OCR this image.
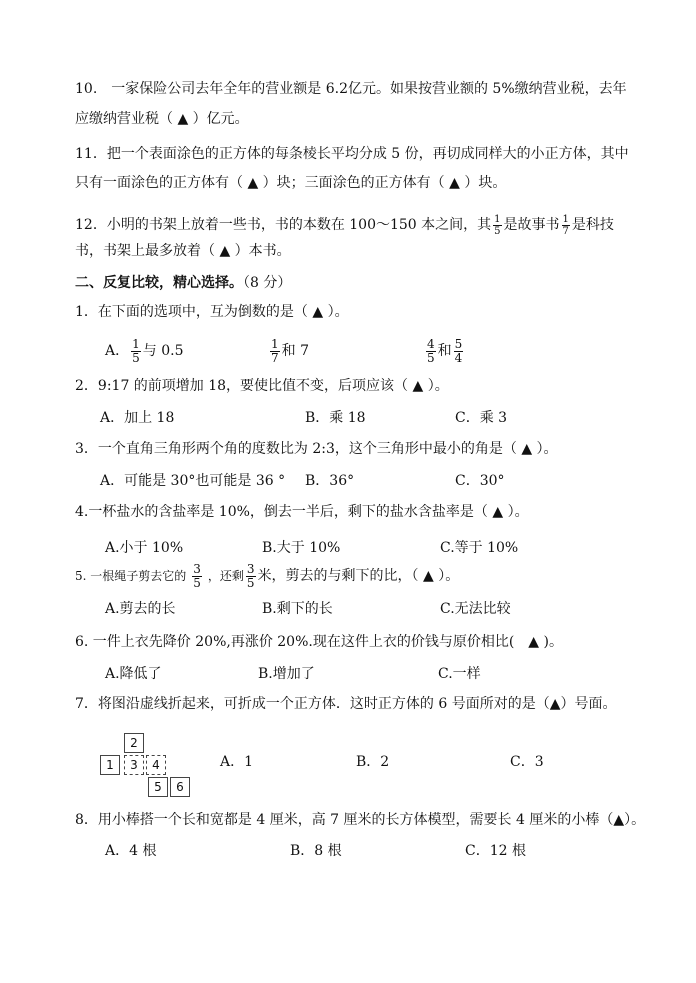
10.　一家保险公司去年全年的营业额是 6.2亿元。如果按营业额的 5%缴纳营业税，去年
应缴纳营业税（ ▲ ）亿元。
11．把一个表面涂色的正方体的每条棱长平均分成 5 份，再切成同样大的小正方体，其中
只有一面涂色的正方体有（ ▲ ）块；三面涂色的正方体有（ ▲ ）块。
12．小明的书架上放着一些书，书的本数在 100～150 本之间，其 $\frac{1}{5}$ 是故事书 $\frac{1}{7}$ 是科技
书，书架上最多放着（ ▲ ）本书。
二、反复比较，精心选择。（8 分）
1．在下面的选项中，互为倒数的是（ ▲ ）。
A． $\frac{1}{5}$ 与 0.5	$\frac{1}{7}$ 和 7	$\frac{4}{5}$ 和 $\frac{5}{4}$
2．9:17 的前项增加 18，要使比值不变，后项应该（ ▲ ）。
A．加上 18	B．乘 18	C．乘 3
3．一个直角三角形两个角的度数比为 2:3，这个三角形中最小的角是（ ▲ ）。
A．可能是 30°也可能是 36 ° B．36°	C．30°
4.一杯盐水的含盐率是 10%，倒去一半后，剩下的盐水含盐率是（ ▲ ）。
A.小于 10%	B.大于 10%	C.等于 10%
5. 一根绳子剪去它的 $\frac{3}{5}$ ，还剩 $\frac{3}{5}$ 米，剪去的与剩下的比，（ ▲ ）。
A.剪去的长	B.剩下的长	C.无法比较
6. 一件上衣先降价 20%,再涨价 20%.现在这件上衣的价钱与原价相比(　▲ )。
A.降低了	B.增加了	C.一样
7．将图沿虚线折起来，可折成一个正方体．这时正方体的 6 号面所对的是（▲）号面。
1
2
3	4
5	6
A．1	B．2	C．3
8．用小棒搭一个长和宽都是 4 厘米，高 7 厘米的长方体模型，需要长 4 厘米的小棒（▲）。
A．4 根	B．8 根	C．12 根
